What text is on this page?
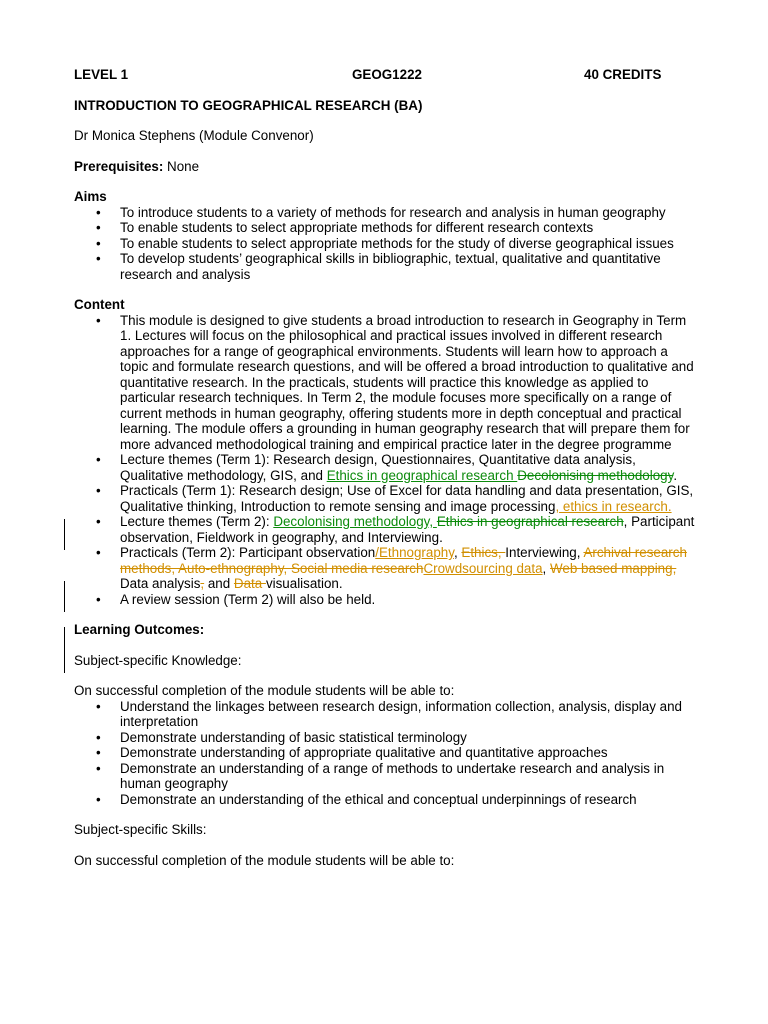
LEVEL 1	GEOG1222	40 CREDITS
INTRODUCTION TO GEOGRAPHICAL RESEARCH (BA)

Dr Monica Stephens (Module Convenor)

Prerequisites: None

Aims
• To introduce students to a variety of methods for research and analysis in human geography
• To enable students to select appropriate methods for different research contexts
• To enable students to select appropriate methods for the study of diverse geographical issues
• To develop students’ geographical skills in bibliographic, textual, qualitative and quantitative research and analysis
Content
• This module is designed to give students a broad introduction to research in Geography in Term 1. Lectures will focus on the philosophical and practical issues involved in different research approaches for a range of geographical environments. Students will learn how to approach a topic and formulate research questions, and will be offered a broad introduction to qualitative and quantitative research. In the practicals, students will practice this knowledge as applied to particular research techniques. In Term 2, the module focuses more specifically on a range of current methods in human geography, offering students more in depth conceptual and practical learning. The module offers a grounding in human geography research that will prepare them for more advanced methodological training and empirical practice later in the degree programme
• Lecture themes (Term 1): Research design, Questionnaires, Quantitative data analysis, Qualitative methodology, GIS, and Ethics in geographical research Decolonising methodology.
• Practicals (Term 1): Research design; Use of Excel for data handling and data presentation, GIS, Qualitative thinking, Introduction to remote sensing and image processing, ethics in research.
• Lecture themes (Term 2): Decolonising methodology, Ethics in geographical research, Participant observation, Fieldwork in geography, and Interviewing.
• Practicals (Term 2): Participant observation/Ethnography, Ethics, Interviewing, Archival research methods, Auto-ethnography, Social media researchCrowdsourcing data, Web based mapping, Data analysis, and Data visualisation.
• A review session (Term 2) will also be held.
Learning Outcomes:

Subject-specific Knowledge:

On successful completion of the module students will be able to:
• Understand the linkages between research design, information collection, analysis, display and interpretation
• Demonstrate understanding of basic statistical terminology
• Demonstrate understanding of appropriate qualitative and quantitative approaches
• Demonstrate an understanding of a range of methods to undertake research and analysis in human geography
• Demonstrate an understanding of the ethical and conceptual underpinnings of research

Subject-specific Skills:

On successful completion of the module students will be able to:
